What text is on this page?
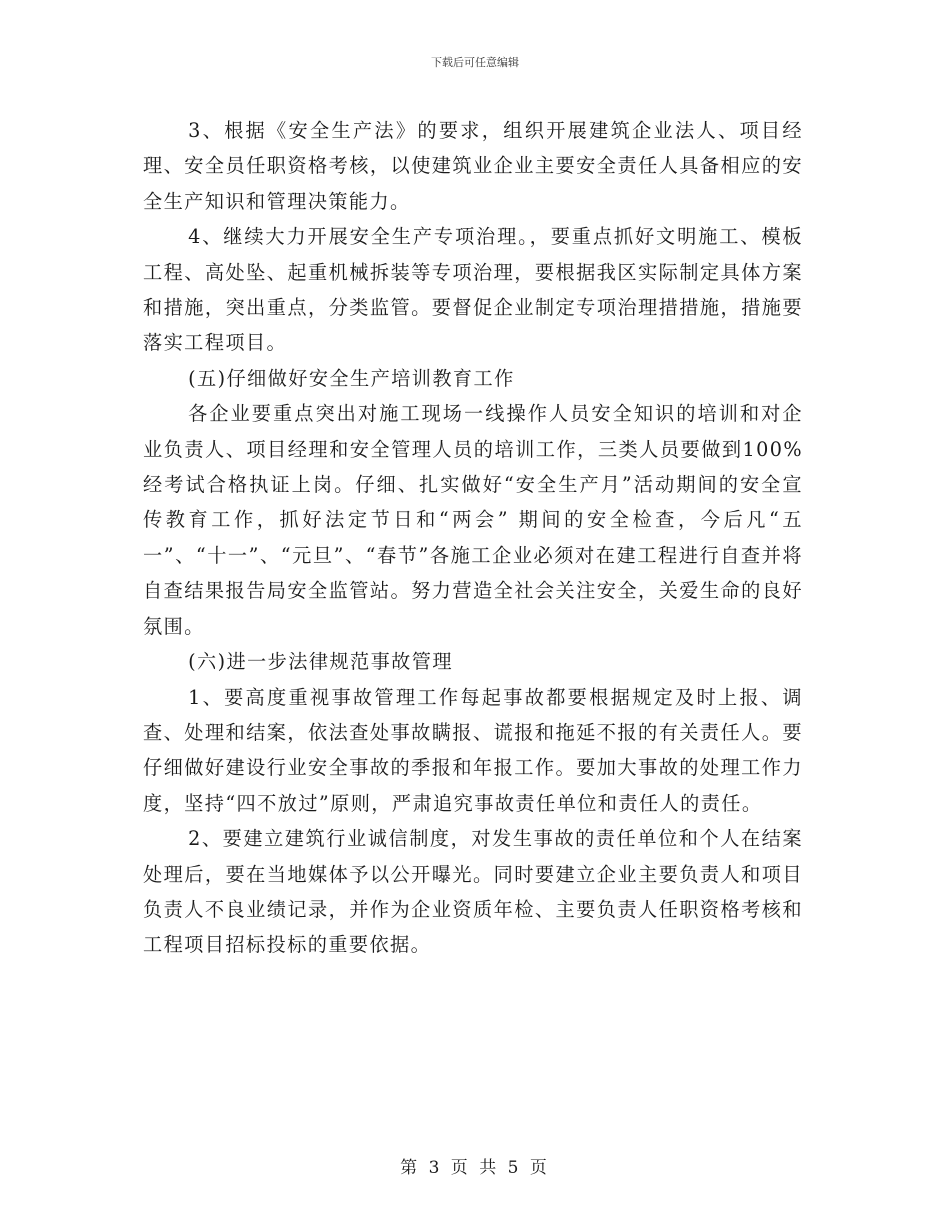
下载后可任意编辑

3、根据《安全生产法》的要求，组织开展建筑企业法人、项目经理、安全员任职资格考核，以使建筑业企业主要安全责任人具备相应的安全生产知识和管理决策能力。

4、继续大力开展安全生产专项治理。，要重点抓好文明施工、模板工程、高处坠、起重机械拆装等专项治理，要根据我区实际制定具体方案和措施，突出重点，分类监管。要督促企业制定专项治理措措施，措施要落实工程项目。

(五)仔细做好安全生产培训教育工作

各企业要重点突出对施工现场一线操作人员安全知识的培训和对企业负责人、项目经理和安全管理人员的培训工作，三类人员要做到100%经考试合格执证上岗。仔细、扎实做好“安全生产月”活动期间的安全宣传教育工作，抓好法定节日和“两会” 期间的安全检查，今后凡“五一”、“十一”、“元旦”、“春节”各施工企业必须对在建工程进行自查并将自查结果报告局安全监管站。努力营造全社会关注安全，关爱生命的良好氛围。

(六)进一步法律规范事故管理

1、要高度重视事故管理工作每起事故都要根据规定及时上报、调查、处理和结案，依法查处事故瞒报、谎报和拖延不报的有关责任人。要仔细做好建设行业安全事故的季报和年报工作。要加大事故的处理工作力度，坚持“四不放过”原则，严肃追究事故责任单位和责任人的责任。

2、要建立建筑行业诚信制度，对发生事故的责任单位和个人在结案处理后，要在当地媒体予以公开曝光。同时要建立企业主要负责人和项目负责人不良业绩记录，并作为企业资质年检、主要负责人任职资格考核和工程项目招标投标的重要依据。

第 3 页 共 5 页
